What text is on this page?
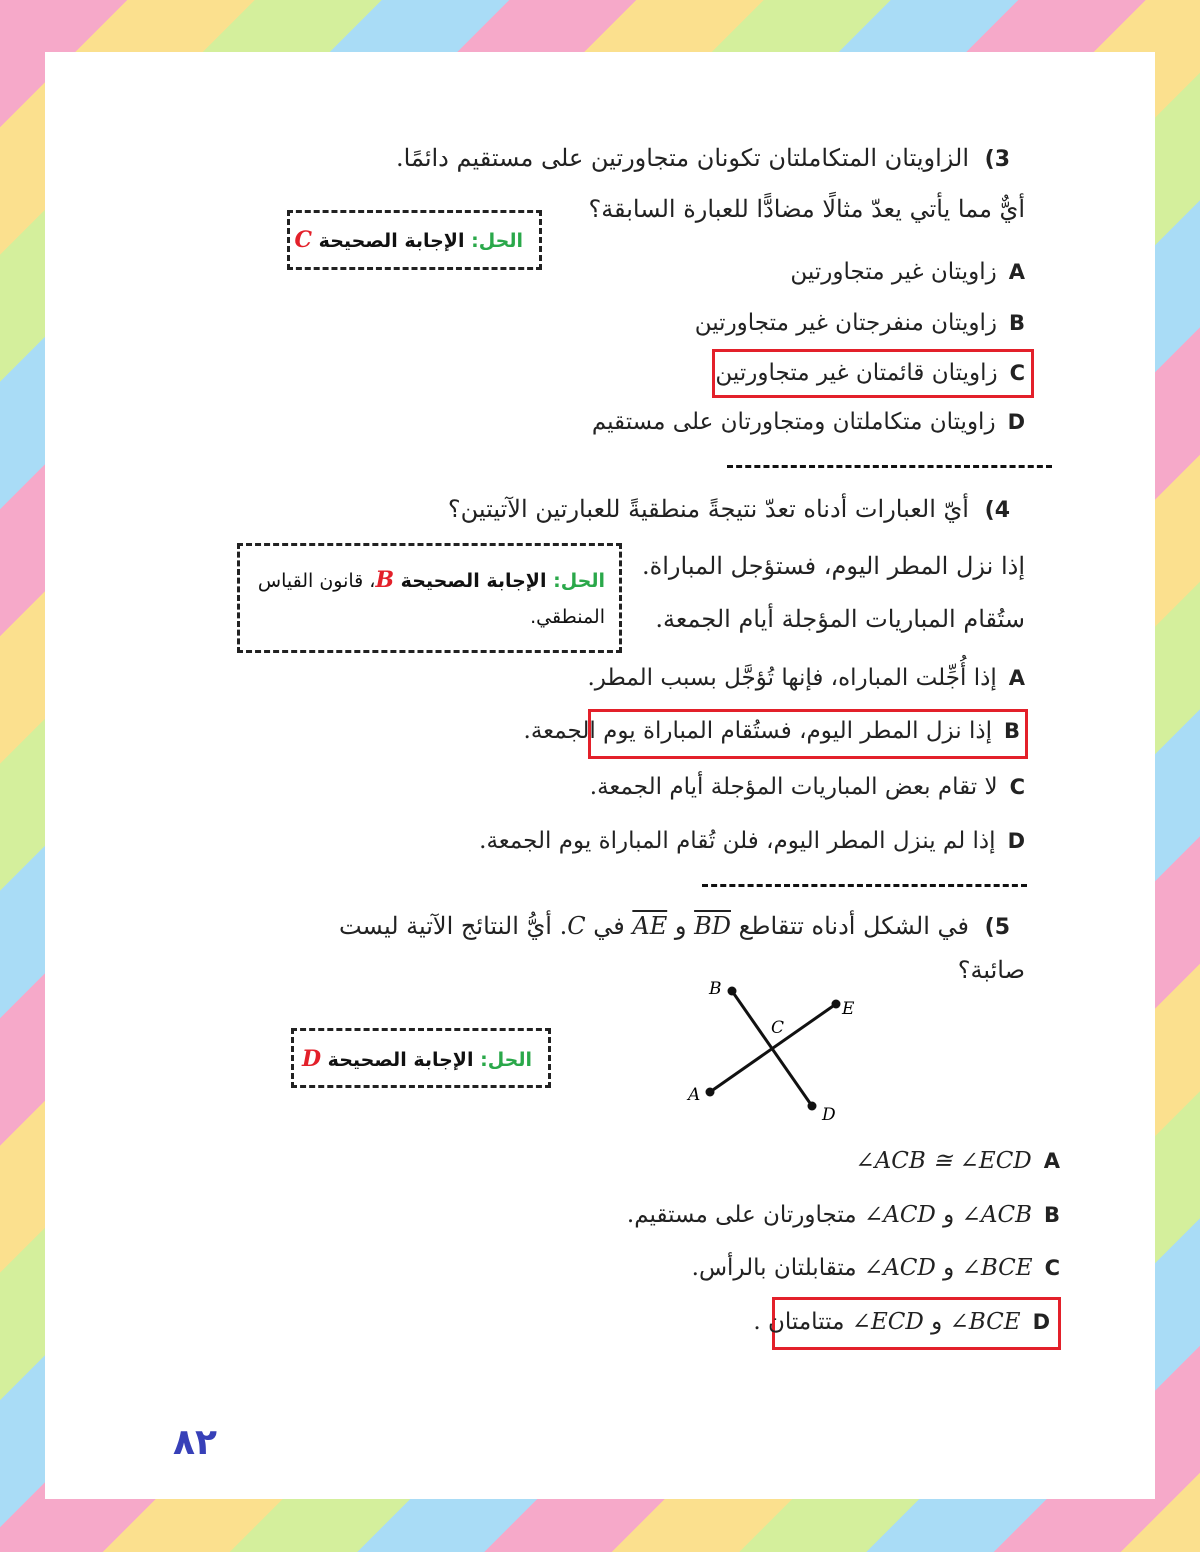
3) الزاويتان المتكاملتان تكونان متجاورتين على مستقيم دائمًا.
أيٌّ مما يأتي يعدّ مثالًا مضادًّا للعبارة السابقة؟
الحل: الإجابة الصحيحة C
Aزاويتان غير متجاورتين
Bزاويتان منفرجتان غير متجاورتين
Cزاويتان قائمتان غير متجاورتين
Dزاويتان متكاملتان ومتجاورتان على مستقيم
4) أيّ العبارات أدناه تعدّ نتيجةً منطقيةً للعبارتين الآتيتين؟
إذا نزل المطر اليوم، فستؤجل المباراة.
ستُقام المباريات المؤجلة أيام الجمعة.
الحل: الإجابة الصحيحة B، قانون القياس المنطقي.
Aإذا أُجِّلت المباراه، فإنها تُؤجَّل بسبب المطر.
Bإذا نزل المطر اليوم، فستُقام المباراة يوم الجمعة.
Cلا تقام بعض المباريات المؤجلة أيام الجمعة.
Dإذا لم ينزل المطر اليوم، فلن تُقام المباراة يوم الجمعة.
5) في الشكل أدناه تتقاطع BD و AE في C. أيُّ النتائج الآتية ليست
صائبة؟
B
E
C
A
D
الحل: الإجابة الصحيحة D
A∠ACB ≅ ∠ECD
B∠ACB و ∠ACD متجاورتان على مستقيم.
C∠BCE و ∠ACD متقابلتان بالرأس.
D∠BCE و ∠ECD متتامتان .
٨٢
